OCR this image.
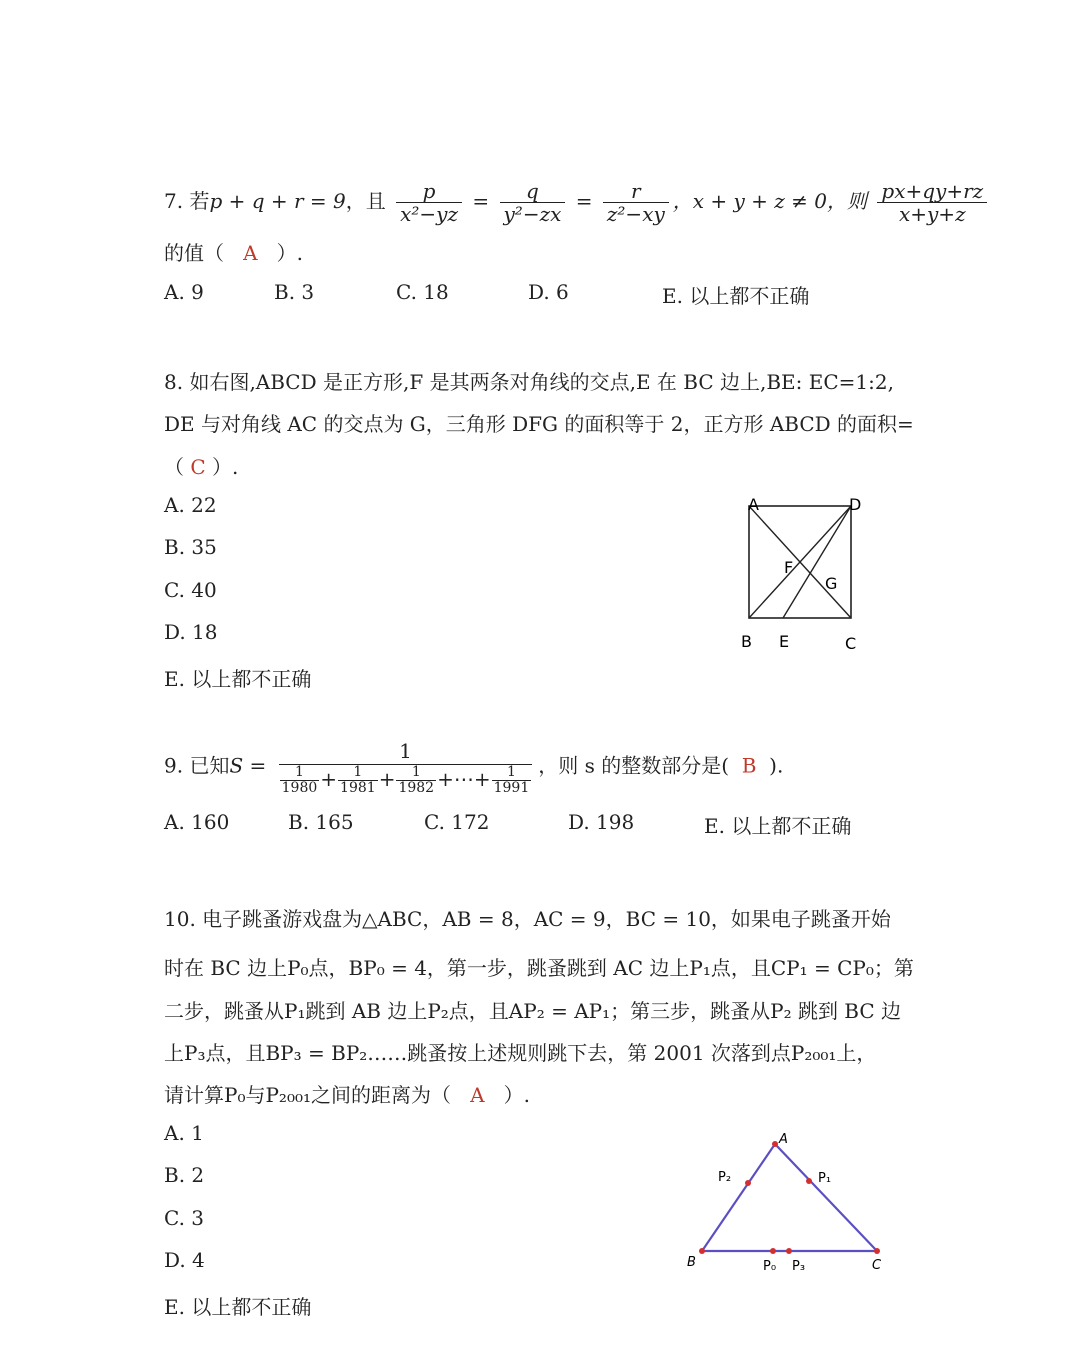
7. 若p + q + r = 9，且 $\frac{p}{\text{x²−yz}} = \frac{q}{\text{y²−zx}} = \frac{r}{\text{z²−xy}}$ ，x + y + z ≠ 0，则 $\frac{px+qy+rz}{x+y+z}$
的值（ A ）.
A. 9	B. 3	C. 18	D. 6	E. 以上都不正确
8. 如右图,ABCD 是正方形,F 是其两条对角线的交点,E 在 BC 边上,BE: EC=1:2,
DE 与对角线 AC 的交点为 G，三角形 DFG 的面积等于 2，正方形 ABCD 的面积=
（ C ）.
A. 22
B. 35
C. 40
D. 18
E. 以上都不正确
A	D
F
G
B E	C
9. 已知$S = \frac{1}{\frac{1}{1980} + \frac{1}{1981} + \frac{1}{1982} +\cdots+ \frac{1}{1991}}$ ，则 s 的整数部分是( B ).
A. 160	B. 165	C. 172	D. 198	E. 以上都不正确
10. 电子跳蚤游戏盘为△ABC，AB = 8，AC = 9，BC = 10，如果电子跳蚤开始
时在 BC 边上P₀点，BP₀ = 4，第一步，跳蚤跳到 AC 边上P₁点，且CP₁ = CP₀；第
二步，跳蚤从P₁跳到 AB 边上P₂点，且AP₂ = AP₁；第三步，跳蚤从P₂ 跳到 BC 边
上P₃点，且BP₃ = BP₂……跳蚤按上述规则跳下去，第 2001 次落到点P₂₀₀₁上，
请计算P₀与P₂₀₀₁之间的距离为（ A ）.
A. 1
B. 2
C. 3
D. 4
E. 以上都不正确
A
B	C
P₂	P₁
P₀ P₃
